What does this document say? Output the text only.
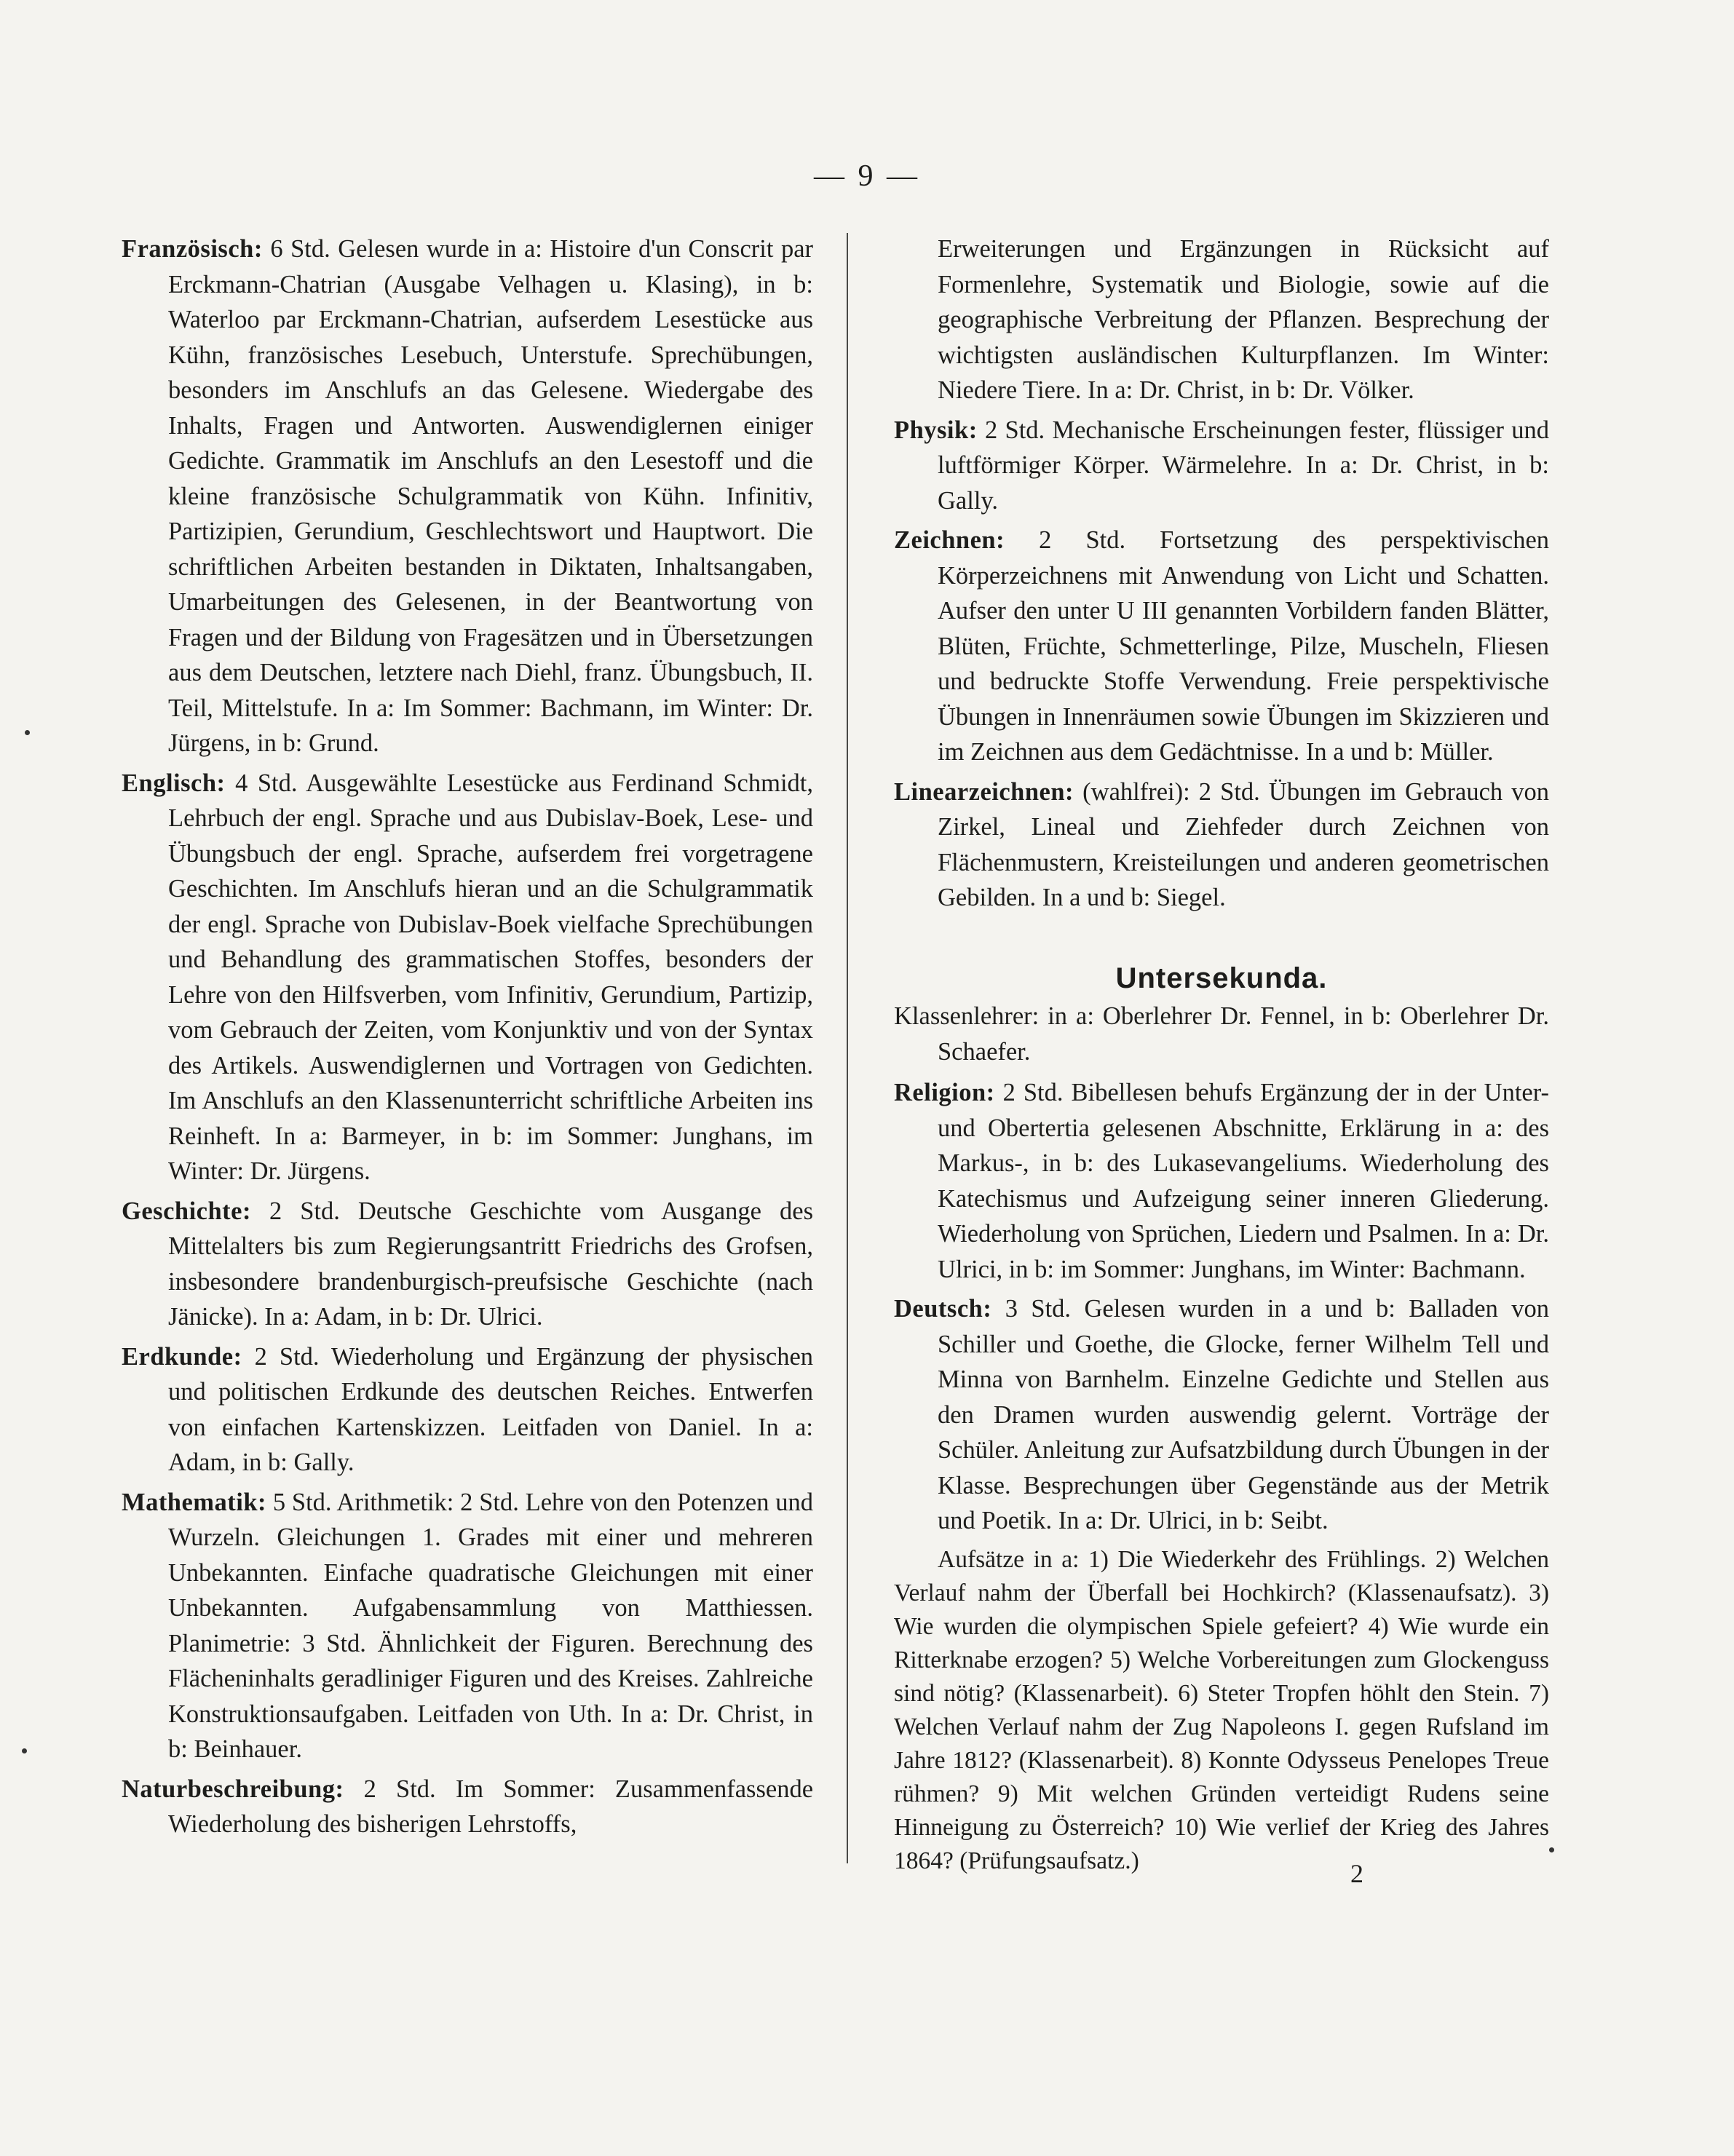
— 9 —

Französisch: 6 Std. Gelesen wurde in a: Histoire d'un Conscrit par Erckmann-Chatrian (Ausgabe Velhagen u. Klasing), in b: Waterloo par Erckmann-Chatrian, aufserdem Lesestücke aus Kühn, französisches Lesebuch, Unterstufe. Sprechübungen, besonders im Anschlufs an das Gelesene. Wiedergabe des Inhalts, Fragen und Antworten. Auswendiglernen einiger Gedichte. Grammatik im Anschlufs an den Lesestoff und die kleine französische Schulgrammatik von Kühn. Infinitiv, Partizipien, Gerundium, Geschlechtswort und Hauptwort. Die schriftlichen Arbeiten bestanden in Diktaten, Inhaltsangaben, Umarbeitungen des Gelesenen, in der Beantwortung von Fragen und der Bildung von Fragesätzen und in Übersetzungen aus dem Deutschen, letztere nach Diehl, franz. Übungsbuch, II. Teil, Mittelstufe. In a: Im Sommer: Bachmann, im Winter: Dr. Jürgens, in b: Grund.

Englisch: 4 Std. Ausgewählte Lesestücke aus Ferdinand Schmidt, Lehrbuch der engl. Sprache und aus Dubislav-Boek, Lese- und Übungsbuch der engl. Sprache, aufserdem frei vorgetragene Geschichten. Im Anschlufs hieran und an die Schulgrammatik der engl. Sprache von Dubislav-Boek vielfache Sprechübungen und Behandlung des grammatischen Stoffes, besonders der Lehre von den Hilfsverben, vom Infinitiv, Gerundium, Partizip, vom Gebrauch der Zeiten, vom Konjunktiv und von der Syntax des Artikels. Auswendiglernen und Vortragen von Gedichten. Im Anschlufs an den Klassenunterricht schriftliche Arbeiten ins Reinheft. In a: Barmeyer, in b: im Sommer: Junghans, im Winter: Dr. Jürgens.

Geschichte: 2 Std. Deutsche Geschichte vom Ausgange des Mittelalters bis zum Regierungsantritt Friedrichs des Grofsen, insbesondere brandenburgisch-preufsische Geschichte (nach Jänicke). In a: Adam, in b: Dr. Ulrici.

Erdkunde: 2 Std. Wiederholung und Ergänzung der physischen und politischen Erdkunde des deutschen Reiches. Entwerfen von einfachen Kartenskizzen. Leitfaden von Daniel. In a: Adam, in b: Gally.

Mathematik: 5 Std. Arithmetik: 2 Std. Lehre von den Potenzen und Wurzeln. Gleichungen 1. Grades mit einer und mehreren Unbekannten. Einfache quadratische Gleichungen mit einer Unbekannten. Aufgabensammlung von Matthiessen. Planimetrie: 3 Std. Ähnlichkeit der Figuren. Berechnung des Flächeninhalts geradliniger Figuren und des Kreises. Zahlreiche Konstruktionsaufgaben. Leitfaden von Uth. In a: Dr. Christ, in b: Beinhauer.

Naturbeschreibung: 2 Std. Im Sommer: Zusammenfassende Wiederholung des bisherigen Lehrstoffs,

Erweiterungen und Ergänzungen in Rücksicht auf Formenlehre, Systematik und Biologie, sowie auf die geographische Verbreitung der Pflanzen. Besprechung der wichtigsten ausländischen Kulturpflanzen. Im Winter: Niedere Tiere. In a: Dr. Christ, in b: Dr. Völker.

Physik: 2 Std. Mechanische Erscheinungen fester, flüssiger und luftförmiger Körper. Wärmelehre. In a: Dr. Christ, in b: Gally.

Zeichnen: 2 Std. Fortsetzung des perspektivischen Körperzeichnens mit Anwendung von Licht und Schatten. Aufser den unter U III genannten Vorbildern fanden Blätter, Blüten, Früchte, Schmetterlinge, Pilze, Muscheln, Fliesen und bedruckte Stoffe Verwendung. Freie perspektivische Übungen in Innenräumen sowie Übungen im Skizzieren und im Zeichnen aus dem Gedächtnisse. In a und b: Müller.

Linearzeichnen: (wahlfrei): 2 Std. Übungen im Gebrauch von Zirkel, Lineal und Ziehfeder durch Zeichnen von Flächenmustern, Kreisteilungen und anderen geometrischen Gebilden. In a und b: Siegel.

Untersekunda.

Klassenlehrer: in a: Oberlehrer Dr. Fennel, in b: Oberlehrer Dr. Schaefer.

Religion: 2 Std. Bibellesen behufs Ergänzung der in der Unter- und Obertertia gelesenen Abschnitte, Erklärung in a: des Markus-, in b: des Lukasevangeliums. Wiederholung des Katechismus und Aufzeigung seiner inneren Gliederung. Wiederholung von Sprüchen, Liedern und Psalmen. In a: Dr. Ulrici, in b: im Sommer: Junghans, im Winter: Bachmann.

Deutsch: 3 Std. Gelesen wurden in a und b: Balladen von Schiller und Goethe, die Glocke, ferner Wilhelm Tell und Minna von Barnhelm. Einzelne Gedichte und Stellen aus den Dramen wurden auswendig gelernt. Vorträge der Schüler. Anleitung zur Aufsatzbildung durch Übungen in der Klasse. Besprechungen über Gegenstände aus der Metrik und Poetik. In a: Dr. Ulrici, in b: Seibt.

Aufsätze in a: 1) Die Wiederkehr des Frühlings. 2) Welchen Verlauf nahm der Überfall bei Hochkirch? (Klassenaufsatz). 3) Wie wurden die olympischen Spiele gefeiert? 4) Wie wurde ein Ritterknabe erzogen? 5) Welche Vorbereitungen zum Glockenguss sind nötig? (Klassenarbeit). 6) Steter Tropfen höhlt den Stein. 7) Welchen Verlauf nahm der Zug Napoleons I. gegen Rufsland im Jahre 1812? (Klassenarbeit). 8) Konnte Odysseus Penelopes Treue rühmen? 9) Mit welchen Gründen verteidigt Rudens seine Hinneigung zu Österreich? 10) Wie verlief der Krieg des Jahres 1864? (Prüfungsaufsatz.)	2
